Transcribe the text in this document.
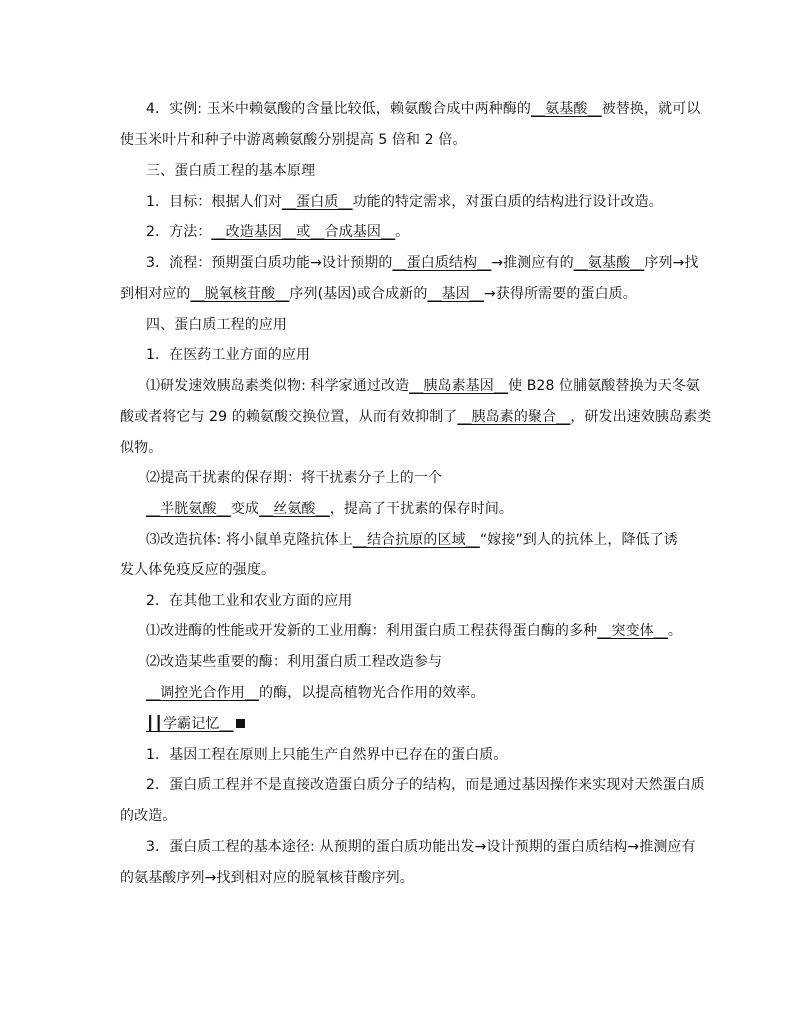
4．实例: 玉米中赖氨酸的含量比较低，赖氨酸合成中两种酶的__氨基酸__被替换，就可以
使玉米叶片和种子中游离赖氨酸分别提高 5 倍和 2 倍。
三、蛋白质工程的基本原理
1．目标：根据人们对__蛋白质__功能的特定需求，对蛋白质的结构进行设计改造。
2．方法：__改造基因__或__合成基因__。
3．流程：预期蛋白质功能→设计预期的__蛋白质结构__→推测应有的__氨基酸__序列→找
到相对应的__脱氧核苷酸__序列(基因)或合成新的__基因__→获得所需要的蛋白质。
四、蛋白质工程的应用
1．在医药工业方面的应用
⑴研发速效胰岛素类似物: 科学家通过改造__胰岛素基因__使 B28 位脯氨酸替换为天冬氨
酸或者将它与 29 的赖氨酸交换位置，从而有效抑制了__胰岛素的聚合__，研发出速效胰岛素类
似物。
⑵提高干扰素的保存期：将干扰素分子上的一个
__半胱氨酸__变成__丝氨酸__，提高了干扰素的保存时间。
⑶改造抗体: 将小鼠单克隆抗体上__结合抗原的区域__“嫁接”到人的抗体上，降低了诱
发人体免疫反应的强度。
2．在其他工业和农业方面的应用
⑴改进酶的性能或开发新的工业用酶：利用蛋白质工程获得蛋白酶的多种__突变体__。
⑵改造某些重要的酶：利用蛋白质工程改造参与
__调控光合作用__的酶，以提高植物光合作用的效率。
┃┃学霸记忆__
1．基因工程在原则上只能生产自然界中已存在的蛋白质。
2．蛋白质工程并不是直接改造蛋白质分子的结构，而是通过基因操作来实现对天然蛋白质
的改造。
3．蛋白质工程的基本途径: 从预期的蛋白质功能出发→设计预期的蛋白质结构→推测应有
的氨基酸序列→找到相对应的脱氧核苷酸序列。
